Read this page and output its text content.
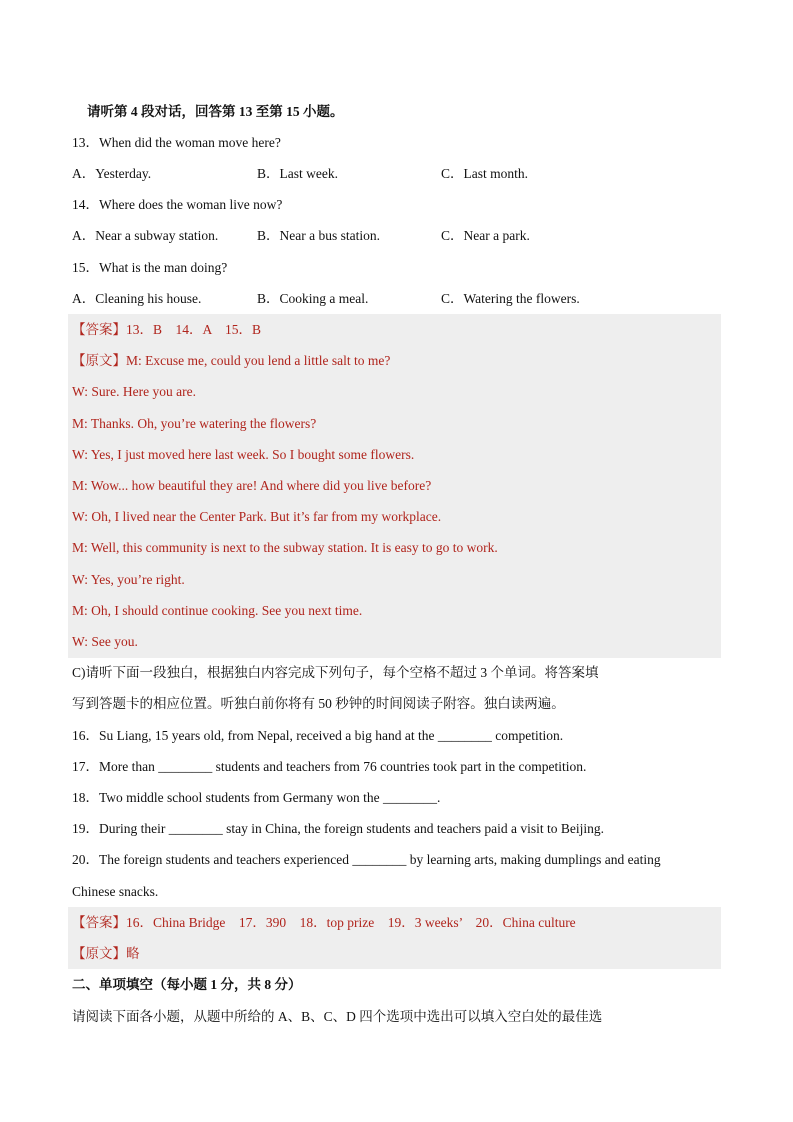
请听第 4 段对话，回答第 13 至第 15 小题。
13．When did the woman move here?
A．Yesterday.	B．Last week.	C．Last month.
14．Where does the woman live now?
A．Near a subway station.	B．Near a bus station.	C．Near a park.
15．What is the man doing?
A．Cleaning his house.	B．Cooking a meal.	C．Watering the flowers.
【答案】13．B　14．A　15．B
【原文】M: Excuse me, could you lend a little salt to me?
W: Sure. Here you are.
M: Thanks. Oh, you’re watering the flowers?
W: Yes, I just moved here last week. So I bought some flowers.
M: Wow... how beautiful they are! And where did you live before?
W: Oh, I lived near the Center Park. But it’s far from my workplace.
M: Well, this community is next to the subway station. It is easy to go to work.
W: Yes, you’re right.
M: Oh, I should continue cooking. See you next time.
W: See you.
C)请听下面一段独白，根据独白内容完成下列句子，每个空格不超过 3 个单词。将答案填
写到答题卡的相应位置。听独白前你将有 50 秒钟的时间阅读子附容。独白读两遍。
16．Su Liang, 15 years old, from Nepal, received a big hand at the ________ competition.
17．More than ________ students and teachers from 76 countries took part in the competition.
18．Two middle school students from Germany won the ________.
19．During their ________ stay in China, the foreign students and teachers paid a visit to Beijing.
20．The foreign students and teachers experienced ________ by learning arts, making dumplings and eating
Chinese snacks.
【答案】16．China Bridge　17．390　18．top prize　19．3 weeks’　20．China culture
【原文】略
二、单项填空（每小题 1 分，共 8 分）
请阅读下面各小题，从题中所给的 A、B、C、D 四个选项中选出可以填入空白处的最佳选
